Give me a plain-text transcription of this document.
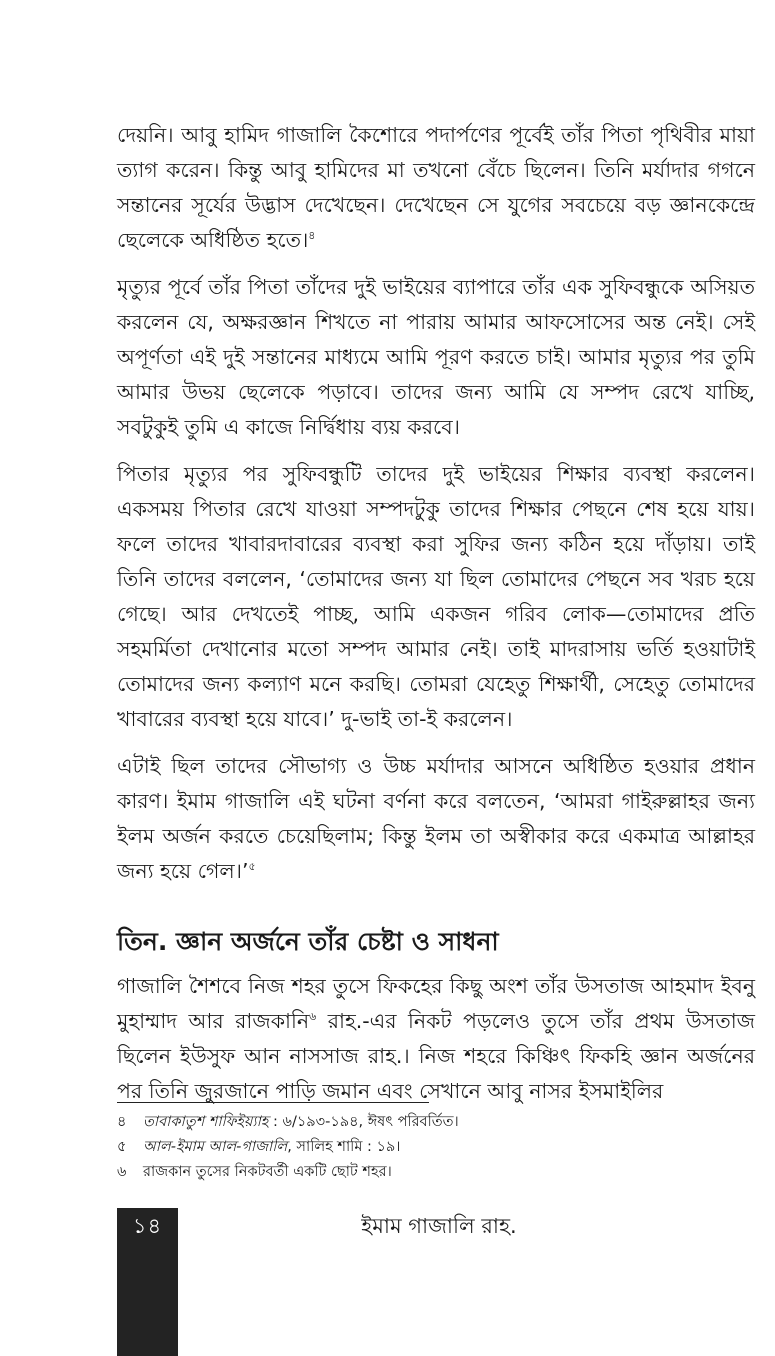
দেয়নি। আবু হামিদ গাজালি কৈশোরে পদার্পণের পূর্বেই তাঁর পিতা পৃথিবীর মায়া ত্যাগ করেন। কিন্তু আবু হামিদের মা তখনো বেঁচে ছিলেন। তিনি মর্যাদার গগনে সন্তানের সূর্যের উদ্ভাস দেখেছেন। দেখেছেন সে যুগের সবচেয়ে বড় জ্ঞানকেন্দ্রে ছেলেকে অধিষ্ঠিত হতে।$^৪$

মৃত্যুর পূর্বে তাঁর পিতা তাঁদের দুই ভাইয়ের ব্যাপারে তাঁর এক সুফিবন্ধুকে অসিয়ত করলেন যে, অক্ষরজ্ঞান শিখতে না পারায় আমার আফসোসের অন্ত নেই। সেই অপূর্ণতা এই দুই সন্তানের মাধ্যমে আমি পূরণ করতে চাই। আমার মৃত্যুর পর তুমি আমার উভয় ছেলেকে পড়াবে। তাদের জন্য আমি যে সম্পদ রেখে যাচ্ছি, সবটুকুই তুমি এ কাজে নির্দ্বিধায় ব্যয় করবে।

পিতার মৃত্যুর পর সুফিবন্ধুটি তাদের দুই ভাইয়ের শিক্ষার ব্যবস্থা করলেন। একসময় পিতার রেখে যাওয়া সম্পদটুকু তাদের শিক্ষার পেছনে শেষ হয়ে যায়। ফলে তাদের খাবারদাবারের ব্যবস্থা করা সুফির জন্য কঠিন হয়ে দাঁড়ায়। তাই তিনি তাদের বললেন, ‘তোমাদের জন্য যা ছিল তোমাদের পেছনে সব খরচ হয়ে গেছে। আর দেখতেই পাচ্ছ, আমি একজন গরিব লোক—তোমাদের প্রতি সহমর্মিতা দেখানোর মতো সম্পদ আমার নেই। তাই মাদরাসায় ভর্তি হওয়াটাই তোমাদের জন্য কল্যাণ মনে করছি। তোমরা যেহেতু শিক্ষার্থী, সেহেতু তোমাদের খাবারের ব্যবস্থা হয়ে যাবে।’ দু-ভাই তা-ই করলেন।

এটাই ছিল তাদের সৌভাগ্য ও উচ্চ মর্যাদার আসনে অধিষ্ঠিত হওয়ার প্রধান কারণ। ইমাম গাজালি এই ঘটনা বর্ণনা করে বলতেন, ‘আমরা গাইরুল্লাহর জন্য ইলম অর্জন করতে চেয়েছিলাম; কিন্তু ইলম তা অস্বীকার করে একমাত্র আল্লাহর জন্য হয়ে গেল।’$^৫$

তিন. জ্ঞান অর্জনে তাঁর চেষ্টা ও সাধনা

গাজালি শৈশবে নিজ শহর তুসে ফিকহের কিছু অংশ তাঁর উসতাজ আহমাদ ইবনু মুহাম্মাদ আর রাজকানি$^৬$ রাহ.-এর নিকট পড়লেও তুসে তাঁর প্রথম উসতাজ ছিলেন ইউসুফ আন নাসসাজ রাহ.। নিজ শহরে কিঞ্চিৎ ফিকহি জ্ঞান অর্জনের পর তিনি জুরজানে পাড়ি জমান এবং সেখানে আবু নাসর ইসমাইলির

৪	তাবাকাতুশ শাফিইয়্যাহ : ৬/১৯৩-১৯৪, ঈষৎ পরিবর্তিত।
৫	আল-ইমাম আল-গাজালি, সালিহ শামি : ১৯।
৬	রাজকান তুসের নিকটবর্তী একটি ছোট শহর।
১৪	ইমাম গাজালি রাহ.
